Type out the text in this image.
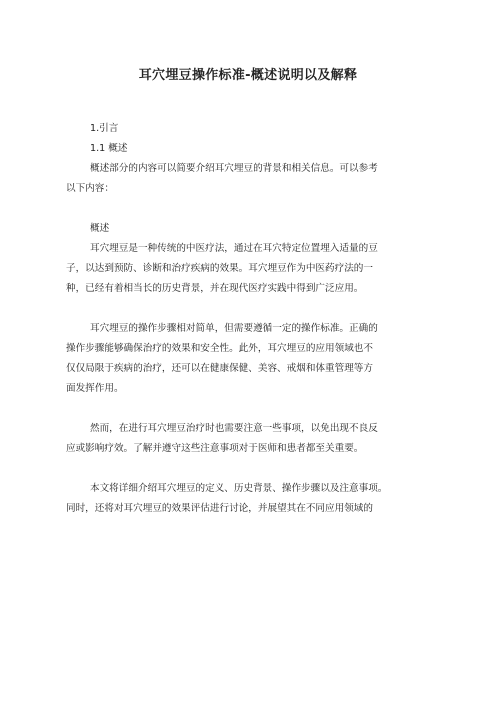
耳穴埋豆操作标准-概述说明以及解释
1.引言
1.1 概述
概述部分的内容可以简要介绍耳穴埋豆的背景和相关信息。可以参考
以下内容：
概述
耳穴埋豆是一种传统的中医疗法，通过在耳穴特定位置埋入适量的豆
子，以达到预防、诊断和治疗疾病的效果。耳穴埋豆作为中医药疗法的一
种，已经有着相当长的历史背景，并在现代医疗实践中得到广泛应用。
耳穴埋豆的操作步骤相对简单，但需要遵循一定的操作标准。正确的
操作步骤能够确保治疗的效果和安全性。此外，耳穴埋豆的应用领域也不
仅仅局限于疾病的治疗，还可以在健康保健、美容、戒烟和体重管理等方
面发挥作用。
然而，在进行耳穴埋豆治疗时也需要注意一些事项，以免出现不良反
应或影响疗效。了解并遵守这些注意事项对于医师和患者都至关重要。
本文将详细介绍耳穴埋豆的定义、历史背景、操作步骤以及注意事项。
同时，还将对耳穴埋豆的效果评估进行讨论，并展望其在不同应用领域的
